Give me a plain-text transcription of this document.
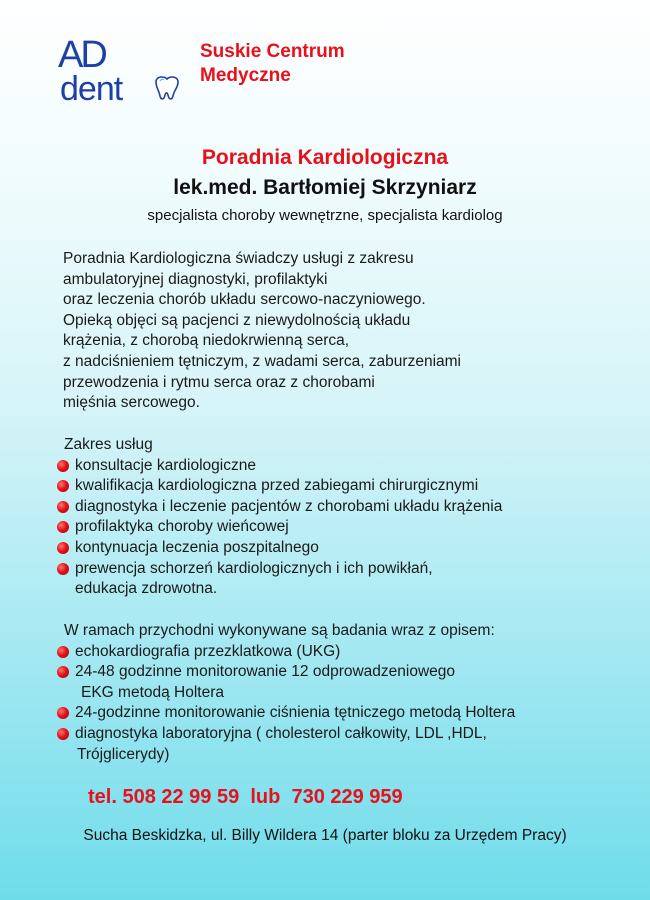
AD
dent
Suskie Centrum
Medyczne
Poradnia Kardiologiczna
lek.med. Bartłomiej Skrzyniarz
specjalista choroby wewnętrzne, specjalista kardiolog
Poradnia Kardiologiczna świadczy usługi z zakresu
ambulatoryjnej diagnostyki, profilaktyki
oraz leczenia chorób układu sercowo-naczyniowego.
Opieką objęci są pacjenci z niewydolnością układu
krążenia, z chorobą niedokrwienną serca,
z nadciśnieniem tętniczym, z wadami serca, zaburzeniami
przewodzenia i rytmu serca oraz z chorobami
mięśnia sercowego.
Zakres usług
konsultacje kardiologiczne
kwalifikacja kardiologiczna przed zabiegami chirurgicznymi
diagnostyka i leczenie pacjentów z chorobami układu krążenia
profilaktyka choroby wieńcowej
kontynuacja leczenia poszpitalnego
prewencja schorzeń kardiologicznych i ich powikłań,
edukacja zdrowotna.
W ramach przychodni wykonywane są badania wraz z opisem:
echokardiografia przezklatkowa (UKG)
24-48 godzinne monitorowanie 12 odprowadzeniowego
EKG metodą Holtera
24-godzinne monitorowanie ciśnienia tętniczego metodą Holtera
diagnostyka laboratoryjna ( cholesterol całkowity, LDL ,HDL,
Trójglicerydy)
tel. 508 22 99 59  lub  730 229 959
Sucha Beskidzka, ul. Billy Wildera 14 (parter bloku za Urzędem Pracy)
